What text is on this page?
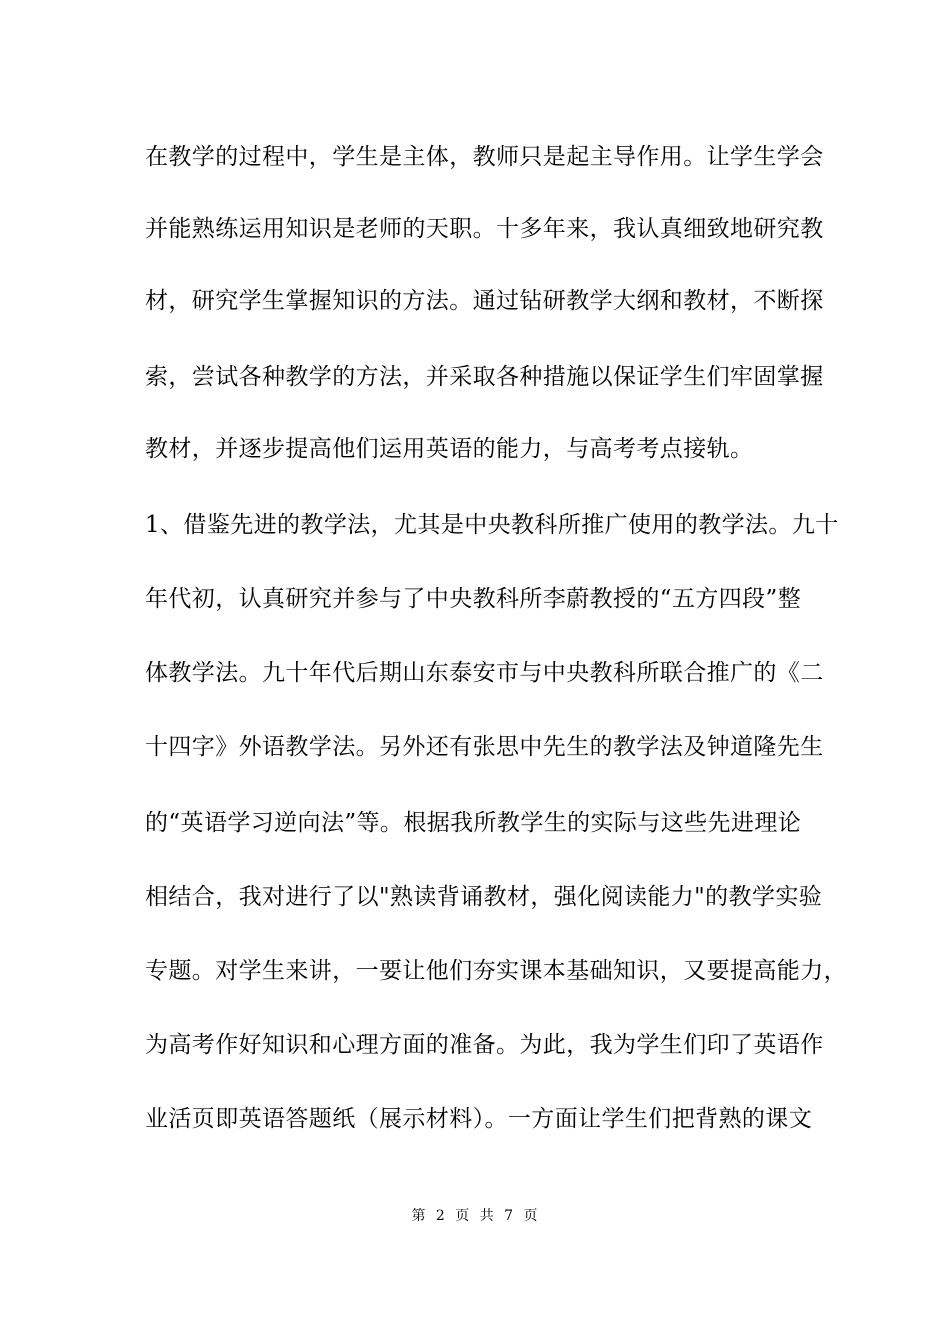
在教学的过程中，学生是主体，教师只是起主导作用。让学生学会
并能熟练运用知识是老师的天职。十多年来，我认真细致地研究教
材，研究学生掌握知识的方法。通过钻研教学大纲和教材，不断探
索，尝试各种教学的方法，并采取各种措施以保证学生们牢固掌握
教材，并逐步提高他们运用英语的能力，与高考考点接轨。
1、借鉴先进的教学法，尤其是中央教科所推广使用的教学法。九十
年代初，认真研究并参与了中央教科所李蔚教授的“五方四段”整
体教学法。九十年代后期山东泰安市与中央教科所联合推广的《二
十四字》外语教学法。另外还有张思中先生的教学法及钟道隆先生
的“英语学习逆向法”等。根据我所教学生的实际与这些先进理论
相结合，我对进行了以"熟读背诵教材，强化阅读能力"的教学实验
专题。对学生来讲，一要让他们夯实课本基础知识，又要提高能力，
为高考作好知识和心理方面的准备。为此，我为学生们印了英语作
业活页即英语答题纸（展示材料）。一方面让学生们把背熟的课文
第 2 页 共 7 页
